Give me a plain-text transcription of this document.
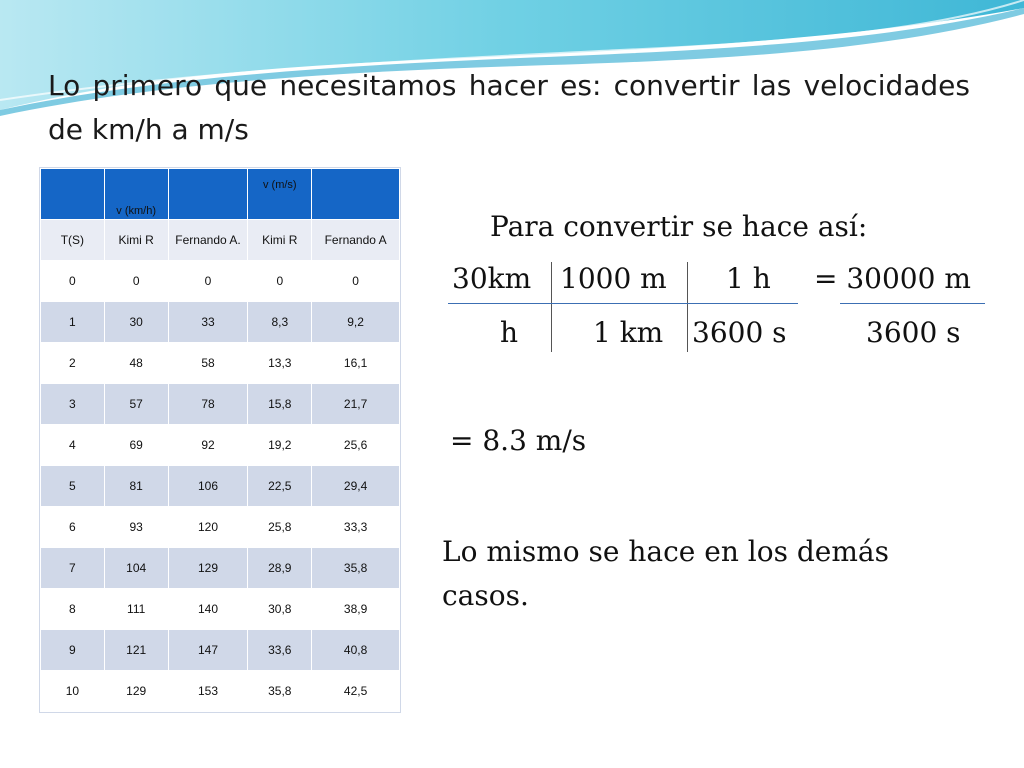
Lo primero que necesitamos hacer es: convertir las velocidades de km/h a m/s
	v (km/h)		v (m/s)	
T(S)	Kimi R	Fernando A.	Kimi R	Fernando A
0	0	0	0	0
1	30	33	8,3	9,2
2	48	58	13,3	16,1
3	57	78	15,8	21,7
4	69	92	19,2	25,6
5	81	106	22,5	29,4
6	93	120	25,8	33,3
7	104	129	28,9	35,8
8	111	140	30,8	38,9
9	121	147	33,6	40,8
10	129	153	35,8	42,5
Para convertir se hace así:
30km 1000 m 1 h = 30000 m
h	1 km 3600 s	3600 s
= 8.3 m/s
Lo mismo se hace en los demás casos.
